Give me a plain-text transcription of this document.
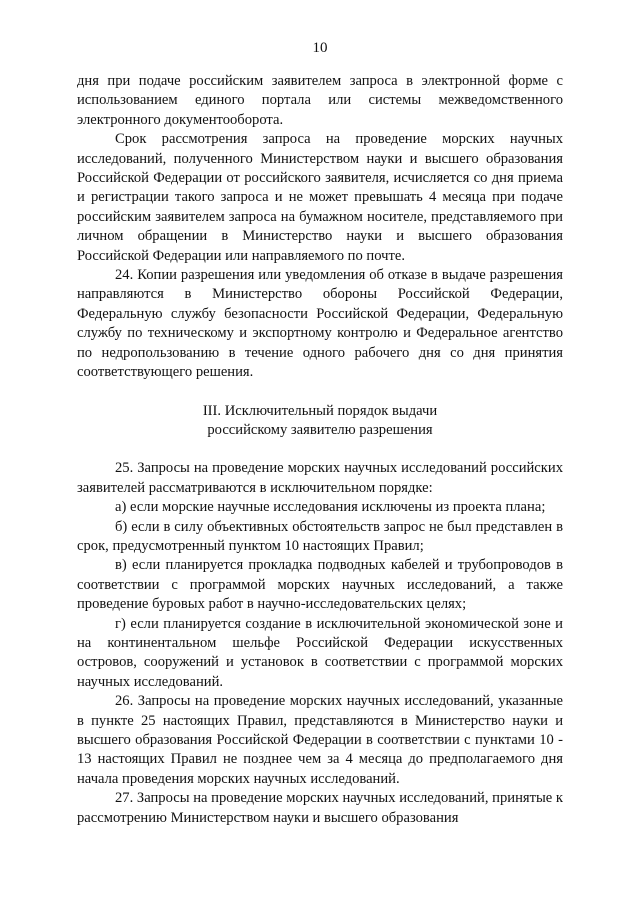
10

дня при подаче российским заявителем запроса в электронной форме с использованием единого портала или системы межведомственного электронного документооборота.

Срок рассмотрения запроса на проведение морских научных исследований, полученного Министерством науки и высшего образования Российской Федерации от российского заявителя, исчисляется со дня приема и регистрации такого запроса и не может превышать 4 месяца при подаче российским заявителем запроса на бумажном носителе, представляемого при личном обращении в Министерство науки и высшего образования Российской Федерации или направляемого по почте.

24. Копии разрешения или уведомления об отказе в выдаче разрешения направляются в Министерство обороны Российской Федерации, Федеральную службу безопасности Российской Федерации, Федеральную службу по техническому и экспортному контролю и Федеральное агентство по недропользованию в течение одного рабочего дня со дня принятия соответствующего решения.

III. Исключительный порядок выдачи
российскому заявителю разрешения

25. Запросы на проведение морских научных исследований российских заявителей рассматриваются в исключительном порядке:

а) если морские научные исследования исключены из проекта плана;

б) если в силу объективных обстоятельств запрос не был представлен в срок, предусмотренный пунктом 10 настоящих Правил;

в) если планируется прокладка подводных кабелей и трубопроводов в соответствии с программой морских научных исследований, а также проведение буровых работ в научно-исследовательских целях;

г) если планируется создание в исключительной экономической зоне и на континентальном шельфе Российской Федерации искусственных островов, сооружений и установок в соответствии с программой морских научных исследований.

26. Запросы на проведение морских научных исследований, указанные в пункте 25 настоящих Правил, представляются в Министерство науки и высшего образования Российской Федерации в соответствии с пунктами 10 - 13 настоящих Правил не позднее чем за 4 месяца до предполагаемого дня начала проведения морских научных исследований.

27. Запросы на проведение морских научных исследований, принятые к рассмотрению Министерством науки и высшего образования
